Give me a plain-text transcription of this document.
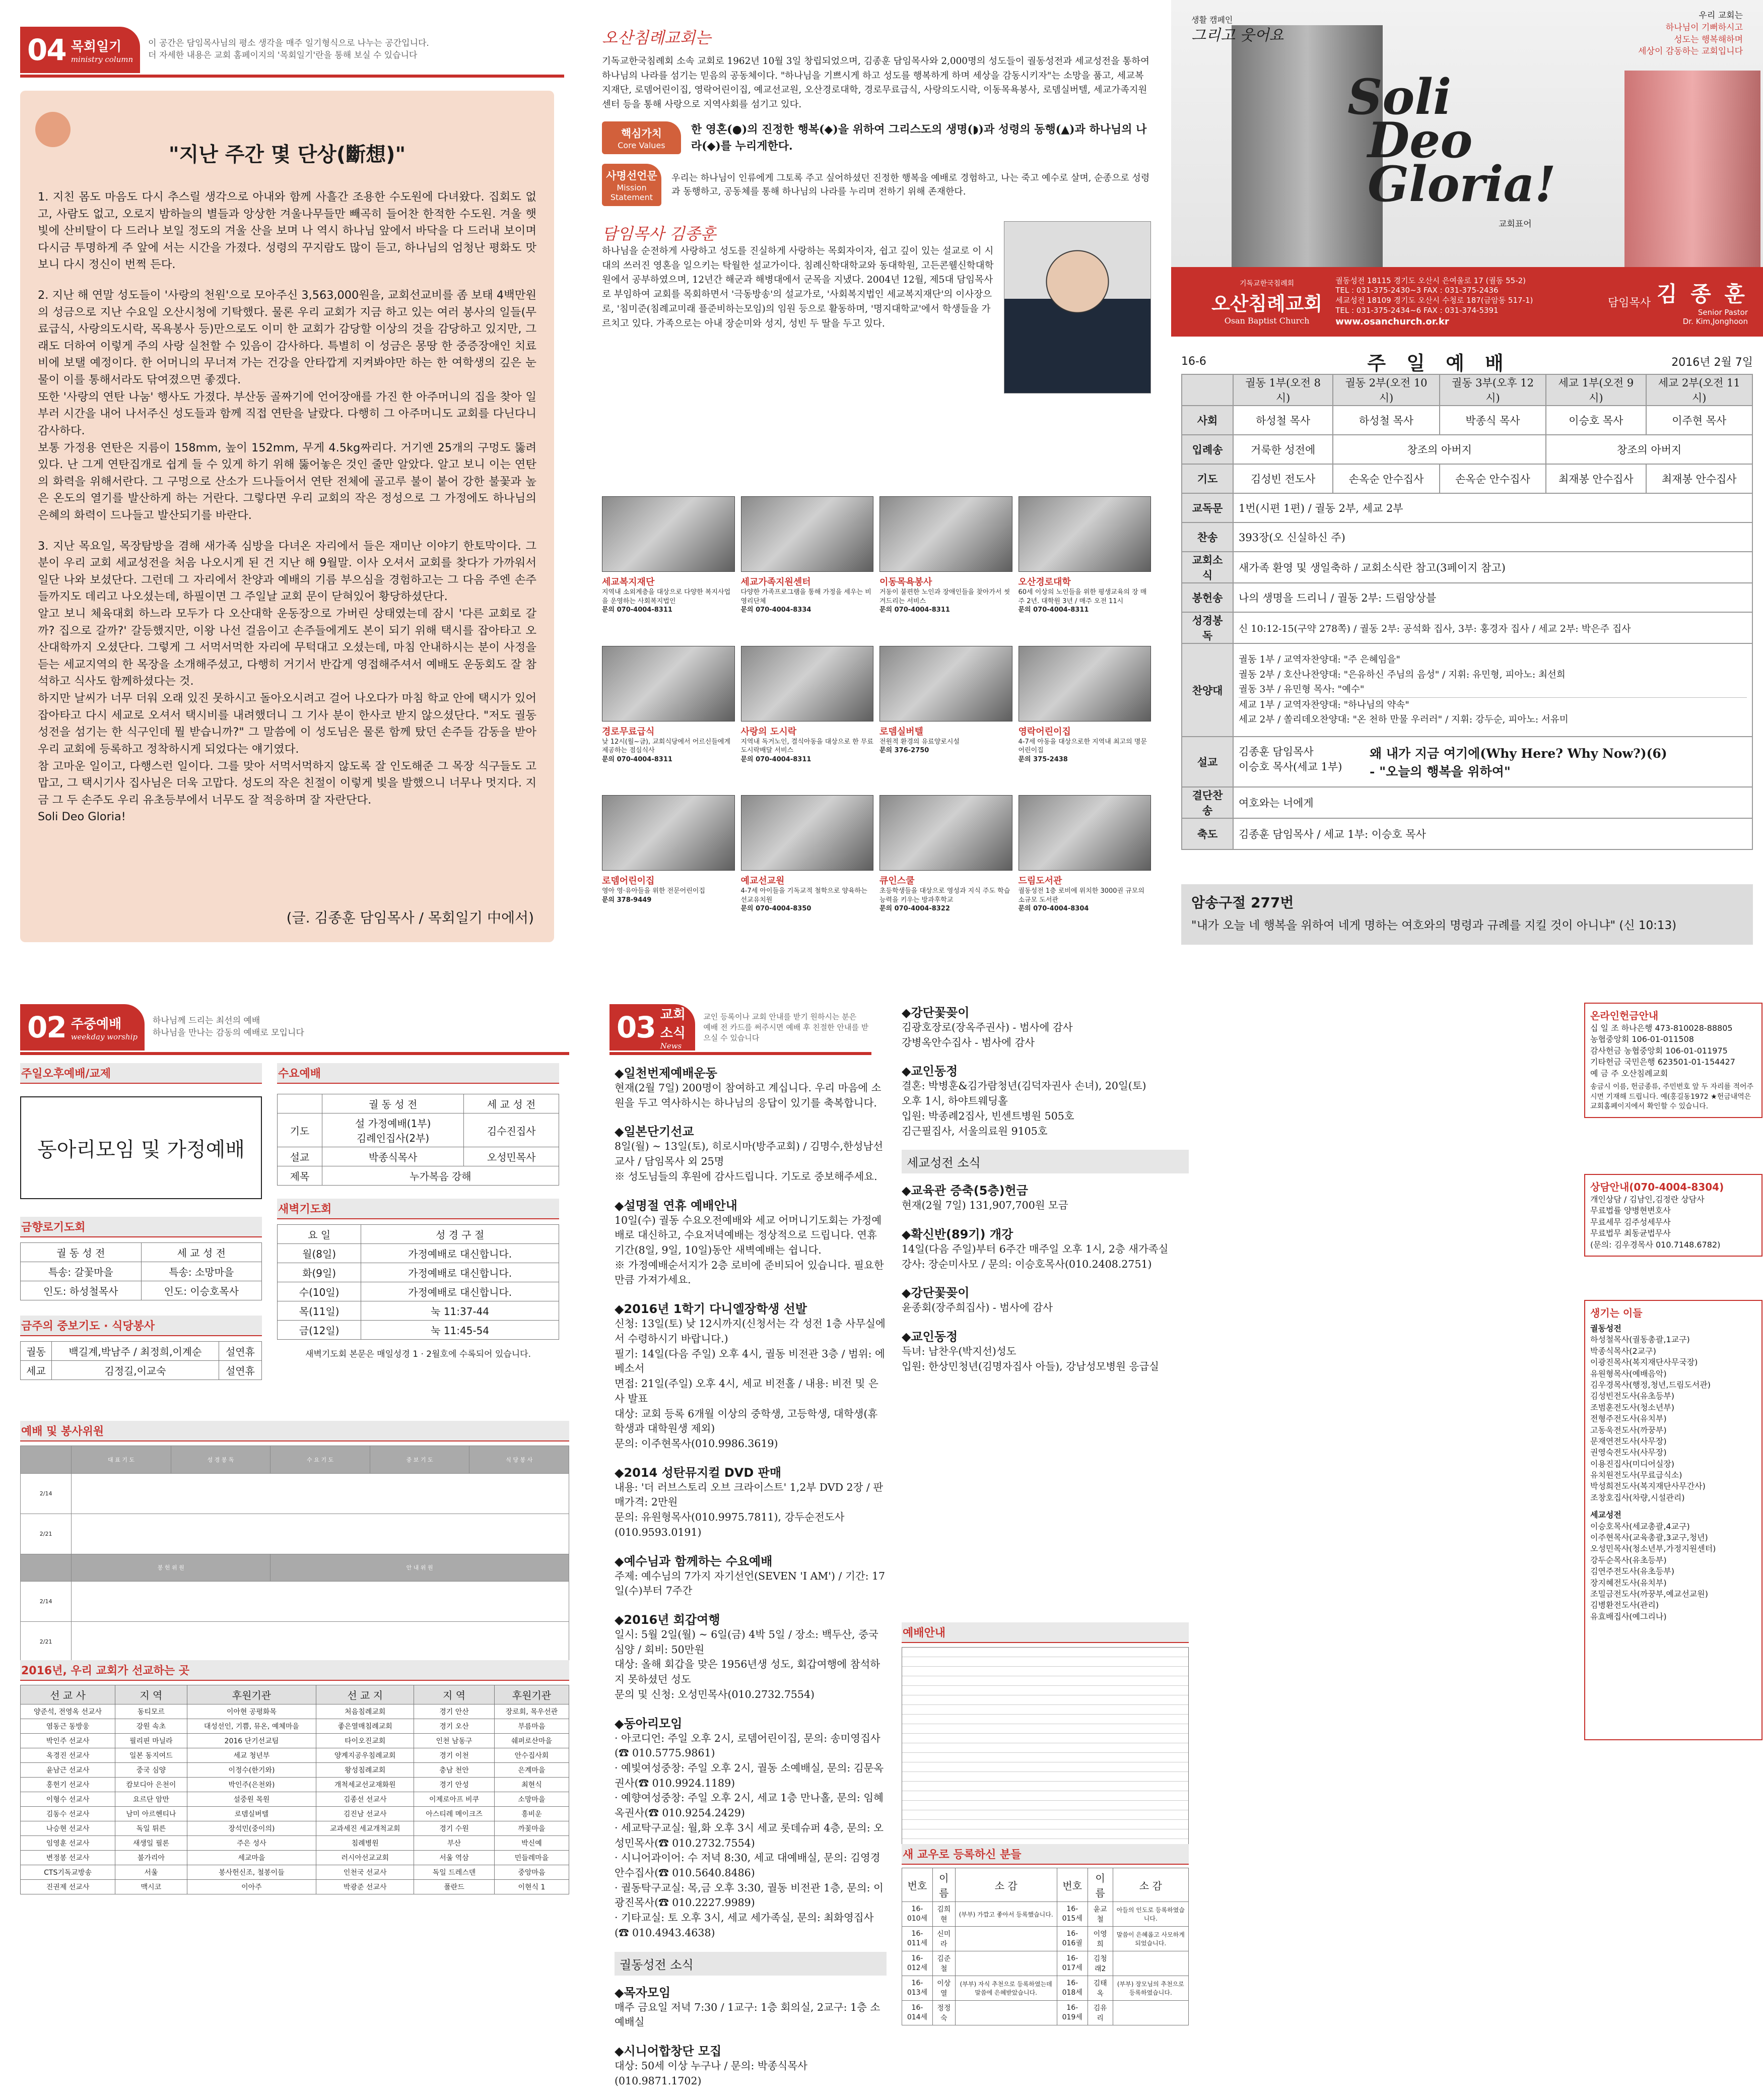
04 목회일기
ministry column
이 공간은 담임목사님의 평소 생각을 매주 일기형식으로 나누는 공간입니다.
더 자세한 내용은 교회 홈페이지의 '목회일기'란을 통해 보실 수 있습니다
"지난 주간 몇 단상(斷想)"

1. 지친 몸도 마음도 다시 추스릴 생각으로 아내와 함께 사흘간 조용한 수도원에 다녀왔다. 집회도 없고, 사람도 없고, 오로지 밤하늘의 별들과 앙상한 겨울나무들만 빼곡히 들어찬 한적한 수도원. 겨울 햇빛에 산비탈이 다 드러나 보일 정도의 겨울 산을 보며 나 역시 하나님 앞에서 바닥을 다 드러내 보이며 다시금 투명하게 주 앞에 서는 시간을 가졌다. 성령의 꾸지람도 많이 듣고, 하나님의 엄청난 평화도 맛보니 다시 정신이 번쩍 든다.

2. 지난 해 연말 성도들이 '사랑의 천원'으로 모아주신 3,563,000원을, 교회선교비를 좀 보태 4백만원의 성금으로 지난 수요일 오산시청에 기탁했다. 물론 우리 교회가 지금 하고 있는 여러 봉사의 일들(무료급식, 사랑의도시락, 목욕봉사 등)만으로도 이미 한 교회가 감당할 이상의 것을 감당하고 있지만, 그래도 더하여 이렇게 주의 사랑 실천할 수 있음이 감사하다. 특별히 이 성금은 몽땅 한 중증장애인 치료비에 보탤 예정이다. 한 어머니의 무너져 가는 건강을 안타깝게 지켜봐야만 하는 한 여학생의 깊은 눈물이 이를 통해서라도 닦여졌으면 좋겠다.
또한 '사랑의 연탄 나눔' 행사도 가졌다. 부산동 골짜기에 언어장애를 가진 한 아주머니의 집을 찾아 일부러 시간을 내어 나서주신 성도들과 함께 직접 연탄을 날랐다. 다행히 그 아주머니도 교회를 다닌다니 감사하다.
보통 가정용 연탄은 지름이 158mm, 높이 152mm, 무게 4.5kg짜리다. 거기엔 25개의 구멍도 뚫려있다. 난 그게 연탄집개로 쉽게 들 수 있게 하기 위해 뚫어놓은 것인 줄만 알았다. 알고 보니 이는 연탄의 화력을 위해서란다. 그 구멍으로 산소가 드나들어서 연탄 전체에 골고루 불이 붙어 강한 불꽃과 높은 온도의 열기를 발산하게 하는 거란다. 그렇다면 우리 교회의 작은 정성으로 그 가정에도 하나님의 은혜의 화력이 드나들고 발산되기를 바란다.

3. 지난 목요일, 목장탐방을 겸해 새가족 심방을 다녀온 자리에서 들은 재미난 이야기 한토막이다. 그분이 우리 교회 세교성전을 처음 나오시게 된 건 지난 해 9월말. 이사 오셔서 교회를 찾다가 가까워서 일단 나와 보셨단다. 그런데 그 자리에서 찬양과 예배의 기름 부으심을 경험하고는 그 다음 주엔 손주들까지도 데리고 나오셨는데, 하필이면 그 주일날 교회 문이 닫혀있어 황당하셨단다.
알고 보니 체육대회 하느라 모두가 다 오산대학 운동장으로 가버린 상태였는데 잠시 '다른 교회로 갈까? 집으로 갈까?' 갈등했지만, 이왕 나선 걸음이고 손주들에게도 본이 되기 위해 택시를 잡아타고 오산대학까지 오셨단다. 그렇게 그 서먹서먹한 자리에 무턱대고 오셨는데, 마침 안내하시는 분이 사정을 듣는 세교지역의 한 목장을 소개해주셨고, 다행히 거기서 반갑게 영접해주셔서 예배도 운동회도 잘 참석하고 식사도 함께하셨다는 것.
하지만 날씨가 너무 더워 오래 있진 못하시고 돌아오시려고 걸어 나오다가 마침 학교 안에 택시가 있어 잡아타고 다시 세교로 오셔서 택시비를 내려했더니 그 기사 분이 한사코 받지 않으셨단다. "저도 궐동성전을 섬기는 한 식구인데 뭘 받습니까?" 그 말씀에 이 성도님은 물론 함께 탔던 손주들 감동을 받아 우리 교회에 등록하고 정착하시게 되었다는 얘기였다.
참 고마운 일이고, 다행스런 일이다. 그를 맞아 서먹서먹하지 않도록 잘 인도해준 그 목장 식구들도 고맙고, 그 택시기사 집사님은 더욱 고맙다. 성도의 작은 친절이 이렇게 빛을 발했으니 너무나 멋지다. 지금 그 두 손주도 우리 유초등부에서 너무도 잘 적응하며 잘 자란단다.
Soli Deo Gloria!

(글. 김종훈 담임목사 / 목회일기 中에서)
오산침례교회는
기독교한국침례회 소속 교회로 1962년 10월 3일 창립되었으며, 김종훈 담임목사와 2,000명의 성도들이 궐동성전과 세교성전을 통하여 하나님의 나라를 섬기는 믿음의 공동체이다. "하나님을 기쁘시게 하고 성도를 행복하게 하며 세상을 감동시키자"는 소망을 품고, 세교복지재단, 로뎀어린이집, 영락어린이집, 예교선교원, 오산경로대학, 경로무료급식, 사랑의도시락, 이동목욕봉사, 로뎀실버텔, 세교가족지원센터 등을 통해 사랑으로 지역사회를 섬기고 있다.
핵심가치
Core Values
한 영혼(●)의 진정한 행복(◆)을 위하여 그리스도의 생명(◗)과 성령의 동행(▲)과 하나님의 나라(◆)를 누리게한다.
사명선언문
Mission Statement
우리는 하나님이 인류에게 그토록 주고 싶어하셨던 진정한 행복을 예배로 경험하고, 나는 죽고 예수로 살며, 순종으로 성령과 동행하고, 공동체를 통해 하나님의 나라를 누리며 전하기 위해 존재한다.
담임목사 김종훈
하나님을 순전하게 사랑하고 성도를 진실하게 사랑하는 목회자이자, 쉽고 깊이 있는 설교로 이 시대의 쓰러진 영혼을 일으키는 탁월한 설교가이다. 침례신학대학교와 동대학원, 고든콘웰신학대학원에서 공부하였으며, 12년간 해군과 해병대에서 군목을 지냈다. 2004년 12월, 제5대 담임목사로 부임하여 교회를 목회하면서 '극동방송'의 설교가로, '사회복지법인 세교복지재단'의 이사장으로, '침미준(침례교미래 플준비하는모임)의 임원 등으로 활동하며, '명지대학교'에서 학생들을 가르치고 있다. 가족으로는 아내 장순미와 성지, 성빈 두 딸을 두고 있다.
세교복지재단
지역내 소외계층을 대상으로 다양한 복지사업을 운영하는 사회복지법인
문의 070-4004-8311
세교가족지원센터
다양한 가족프로그램을 통해 가정을 세우는 비영리단체
문의 070-4004-8334
이동목욕봉사
거동이 불편한 노인과 장애인들을 찾아가서 씻겨드리는 서비스
문의 070-4004-8311
오산경로대학
60세 이상의 노인들을 위한 평생교육의 장 매주 2년. 대학원 3년 / 매주 오전 11시
문의 070-4004-8311
경로무료급식
낮 12시(월~금), 교회식당에서 어르신들에게 제공하는 점심식사
문의 070-4004-8311
사랑의 도시락
지역내 독거노인, 결식아동을 대상으로 한 무료 도시락배달 서비스
문의 070-4004-8311
로뎀실버텔
전원적 환경의 유료양로시설
문의 376-2750
영락어린이집
4-7세 아동을 대상으로한 지역내 최고의 명문 어린이집
문의 375-2438
로뎀어린이집
영아 영·유아들을 위한 전문어린이집
문의 378-9449
예교선교원
4-7세 아이들을 기독교적 철학으로 양육하는 선교유치원
문의 070-4004-8350
큐인스쿨
초등학생들을 대상으로 영성과 지식 주도 학습능력을 키우는 방과후학교
문의 070-4004-8322
드림도서관
궐동성전 1층 로비에 위치한 3000권 규모의 소규모 도서관
문의 070-4004-8304
생활 캠페인
그리고 웃어요
Soli
Deo
Gloria!
교회표어
우리 교회는
하나님이 기뻐하시고
성도는 행복해하며
세상이 감동하는 교회입니다
기독교한국침례회
오산침례교회
Osan Baptist Church
궐동성전 18115 경기도 오산시 은여울로 17 (궐동 55-2)
TEL : 031-375-2430~3 FAX : 031-375-2436
세교성전 18109 경기도 오산시 수청로 187(금암동 517-1)
TEL : 031-375-2434~6 FAX : 031-374-5391
www.osanchurch.or.kr
담임목사 김 종 훈
Senior Pastor
Dr. Kim,Jonghoon
16-6	주 일 예 배	2016년 2월 7일
	궐동 1부(오전 8시)	궐동 2부(오전 10시)	궐동 3부(오후 12시)	세교 1부(오전 9시)	세교 2부(오전 11시)
사회	하성철 목사	하성철 목사	박종식 목사	이승호 목사	이주현 목사
입례송	거룩한 성전에	창조의 아버지		창조의 아버지	
기도	김성빈 전도사	손옥순 안수집사	손옥순 안수집사	최재봉 안수집사	최재봉 안수집사
교독문	1번(시편 1편) / 궐동 2부, 세교 2부				
찬송	393장(오 신실하신 주)				
교회소식	새가족 환영 및 생일축하 / 교회소식란 참고(3페이지 참고)				
봉헌송	나의 생명을 드리니 / 궐동 2부: 드림앙상블				
성경봉독	신 10:12-15(구약 278쪽) / 궐동 2부: 공석화 집사, 3부: 홍경자 집사 / 세교 2부: 박은주 집사				
찬양대	궐동 1부 / 교역자찬양대: "주 은혜임을"
궐동 2부 / 호산나찬양대: "은유하신 주님의 음성" / 지휘: 유민형, 피아노: 최선희
궐동 3부 / 유민형 목사: "예수"
세교 1부 / 교역자찬양대: "하나님의 약속"
세교 2부 / 쏠리데오찬양대: "온 천하 만물 우러러" / 지휘: 강두순, 피아노: 서유미				

설교	김종훈 담임목사
이승호 목사(세교 1부)
왜 내가 지금 여기에(Why Here? Why Now?)(6)
- "오늘의 행복을 위하여"				

결단찬송	여호와는 너에게				
축도	김종훈 담임목사 / 세교 1부: 이승호 목사				
암송구절 277번
"내가 오늘 네 행복을 위하여 네게 명하는 여호와의 명령과 규례를 지킬 것이 아니냐" (신 10:13)
02 주중예배
weekday worship
하나님께 드리는 최선의 예배
하나님을 만나는 감동의 예배로 모입니다
주일오후예배/교제
동아리모임 및 가정예배
금향로기도회
궐 동 성 전	세 교 성 전
특송: 갈꽃마을	특송: 소망마을
인도: 하성철목사	인도: 이승호목사
금주의 중보기도 · 식당봉사
궐동	백길계,박남주 / 최정희,이계순	설연휴
세교	김정길,이교숙	설연휴
수요예배
	궐 동 성 전	세 교 성 전
기도	설 가정예배(1부)
김례인집사(2부)	김수진집사
설교	박종식목사	오성민목사
제목	누가복음 강해	
새벽기도회
요 일	성 경 구 절
월(8일)	가정예배로 대신합니다.
화(9일)	가정예배로 대신합니다.
수(10일)	가정예배로 대신합니다.
목(11일)	눅 11:37-44
금(12일)	눅 11:45-54
새벽기도회 본문은 매일성경 1 · 2월호에 수록되어 있습니다.
예배 및 봉사위원
	대 표 기 도	성 경 봉 독	수 요 기 도	중 보 기 도	식 당 봉 사
2/14					
2/21					
	봉 헌 위 원		안 내 위 원		
2/14					
2/21					
2016년, 우리 교회가 선교하는 곳
선 교 사	지 역	후원기관	선 교 지	지 역	후원기관
양준석, 전영옥 선교사	동티모르	이아현 공평화목	처음침례교회	경기 안산	장로회, 목우선관
염동근 동방웅	강원 속초	대성선인, 기쁨, 뮤온, 예체마을	좋은열매침례교회	경기 오산	부름마음
박인주 선교사	필리핀 마닐라	2016 단기선교팀	타이오진교회	인천 남동구	쉐퍼로산마을
옥경진 선교사	일본 동지여드	세교 청년부	양계지공우침례교회	경기 이천	안수집사회
윤남근 선교사	중국 심양	이정수(한기와)	왕성침례교회	충남 천안	은계마을
홍헌기 선교사	캄보디아 은천이	박인주(은천와)	개척세교선교재화원	경기 안성	최현식
이형수 선교사	요르단 암만	설중원 목원	김종선 선교사	이제로아프 비쿠	소망마을
김동수 선교사	남미 아르헨티나	로뎀실버텔	김진남 선교사	아스티레 메이크즈	흥비운
나승현 선교사	독일 튀른	장석민(중이의)	교과세진 세교개척교회	경기 수원	까꽃마을
임영훈 선교사	새생일 필론	주은 성사	침례병원	부산	박신예
변정봉 선교사	불가리아	세교마을	러시아선교교회	서울 역삼	민들레마을
CTS기독교방송	서울	봉사헌신조, 철봉이들	인천국 선교사	독일 드레스덴	중앙마음
진권제 선교사	맥시코	이아주	박광준 선교사	폴란드	이현식 1
03 교회소식
News
교인 등록이나 교회 안내를 받기 원하시는 분은
예배 전 카드를 써주시면 예배 후 친절한 안내를 받으실 수 있습니다
◆일천번제예배운동
현재(2월 7일) 200명이 참여하고 계십니다. 우리 마음에 소원을 두고 역사하시는 하나님의 응답이 있기를 축복합니다.
◆일본단기선교
8일(월) ~ 13일(토), 히로시마(방주교회) / 김명수,한성남선교사 / 담임목사 외 25명
※ 성도님들의 후원에 감사드립니다. 기도로 중보해주세요.
◆설명절 연휴 예배안내
10일(수) 궐동 수요오전예배와 세교 어머니기도회는 가정예배로 대신하고, 수요저녁예배는 정상적으로 드립니다. 연휴기간(8일, 9일, 10일)동안 새벽예배는 쉽니다.
※ 가정예배순서지가 2층 로비에 준비되어 있습니다. 필요한 만큼 가져가세요.
◆2016년 1학기 다니엘장학생 선발
신청: 13일(토) 낮 12시까지(신청서는 각 성전 1층 사무실에서 수령하시기 바랍니다.)
필기: 14일(다음 주일) 오후 4시, 궐동 비전관 3층 / 범위: 에베소서
면접: 21일(주일) 오후 4시, 세교 비전홀 / 내용: 비전 및 은사 발표
대상: 교회 등록 6개월 이상의 중학생, 고등학생, 대학생(휴학생과 대학원생 제외)
문의: 이주현목사(010.9986.3619)
◆2014 성탄뮤지컬 DVD 판매
내용: '더 러브스토리 오브 크라이스트' 1,2부 DVD 2장 / 판매가격: 2만원
문의: 유원형목사(010.9975.7811), 강두순전도사(010.9593.0191)
◆예수님과 함께하는 수요예배
주제: 예수님의 7가지 자기선언(SEVEN 'I AM') / 기간: 17일(수)부터 7주간
◆2016년 회갑여행
일시: 5월 2일(월) ~ 6일(금) 4박 5일 / 장소: 백두산, 중국 심양 / 회비: 50만원
대상: 올해 회갑을 맞은 1956년생 성도, 회갑여행에 참석하지 못하셨던 성도
문의 및 신청: 오성민목사(010.2732.7554)
◆동아리모임
· 아코디언: 주일 오후 2시, 로뎀어린이집, 문의: 송미영집사(☎ 010.5775.9861)
· 예빛여성중창: 주일 오후 2시, 궐동 소예배실, 문의: 김문옥권사(☎ 010.9924.1189)
· 예향여성중창: 주일 오후 2시, 세교 1층 만나홀, 문의: 임혜옥권사(☎ 010.9254.2429)
· 세교탁구교실: 월,화 오후 3시 세교 롯데슈퍼 4층, 문의: 오성민목사(☎ 010.2732.7554)
· 시니어과이어: 수 저녁 8:30, 세교 대예배실, 문의: 김영경안수집사(☎ 010.5640.8486)
· 궐동탁구교실: 목,금 오후 3:30, 궐동 비전관 1층, 문의: 이광진목사(☎ 010.2227.9989)
· 기타교실: 토 오후 3시, 세교 세가족실, 문의: 최화영집사(☎ 010.4943.4638)
궐동성전 소식
◆목자모임
매주 금요일 저녁 7:30 / 1교구: 1층 회의실, 2교구: 1층 소예배실
◆시니어합창단 모집
대상: 50세 이상 누구나 / 문의: 박종식목사(010.9871.1702)
◆강단꽃꽂이
김광호장로(장옥주권사) - 범사에 감사
강병옥안수집사 - 범사에 감사
◆교인동정
결혼: 박병훈&김가람청년(김덕자권사 손녀), 20일(토)
오후 1시, 하야트웨딩홀
입원: 박종례2집사, 빈센트병원 505호
김근필집사, 서울의료원 9105호
세교성전 소식
◆교육관 증축(5층)헌금
현재(2월 7일) 131,907,700원 모금
◆확신반(89기) 개강
14일(다음 주일)부터 6주간 매주일 오후 1시, 2층 새가족실
강사: 장순미사모 / 문의: 이승호목사(010.2408.2751)
◆강단꽃꽂이
윤종회(장주희집사) - 범사에 감사
◆교인동정
득녀: 남찬우(박지선)성도
입원: 한상민청년(김명자집사 아들), 강남성모병원 응급실
예배안내
새 교우로 등록하신 분들
번호	이름	소 감	번호	이름	소 감
16-010세	김희현	(부부) 가깝고 좋아서 등록했습니다.	16-015세	윤교철	아들의 인도로 등록하였습니다.
16-011세	신미라		16-016궐	이영희	말씀이 은혜롭고 사모하게 되었습니다.
16-012세	김준철		16-017세	김청래2	
16-013세	이상열	(부부) 자식 추천으로 등록하였는데 말씀에 은혜받았습니다.	16-018세	김태옥	(부부) 장모님의 추천으로 등록하였습니다.
16-014세	정정숙		16-019세	김유리	
온라인헌금안내
십 일 조 하나은행 473-810028-88805
농협중앙회 106-01-011508
감사헌금 농협중앙회 106-01-011975
기타헌금 국민은행 623501-01-154427
예 금 주 오산침례교회
송금시 이름, 헌금종류, 주민번호 앞 두 자리를 적어주시면 기재해 드립니다. 예(홍길동1972 ★헌금내역은 교회홈페이지에서 확인할 수 있습니다.
상담안내(070-4004-8304)
개인상담 / 김남인,김정란 상담사
무료법률 양병현변호사
무료세무 김주성세무사
무료법무 최동균법무사
(문의: 김우경목사 010.7148.6782)
생기는 이들
궐동성전
하성철목사(궐동총괄,1교구)
박종식목사(2교구)
이광진목사(복지재단사무국장)
유원형목사(예배음악)
김우경목사(행정,청년,드림도서관)
김성빈전도사(유초등부)
조범훈전도사(청소년부)
전형주전도사(유치부)
고동욱전도사(까꿍부)
문재연전도사(사무장)
권영숙전도사(사무장)
이용진집사(미디어실장)
유치원전도사(무료급식소)
박성희전도사(복지재단사무간사)
조창호집사(차량,시설관리)
세교성전
이승호목사(세교총괄,4교구)
이주현목사(교육총괄,3교구,청년)
오성민목사(청소년부,가정지원센터)
강두순목사(유초등부)
김연주전도사(유초등부)
장지혜전도사(유치부)
조밀금전도사(까꿍부,예교선교원)
김병환전도사(관리)
유효배집사(예그리나)
